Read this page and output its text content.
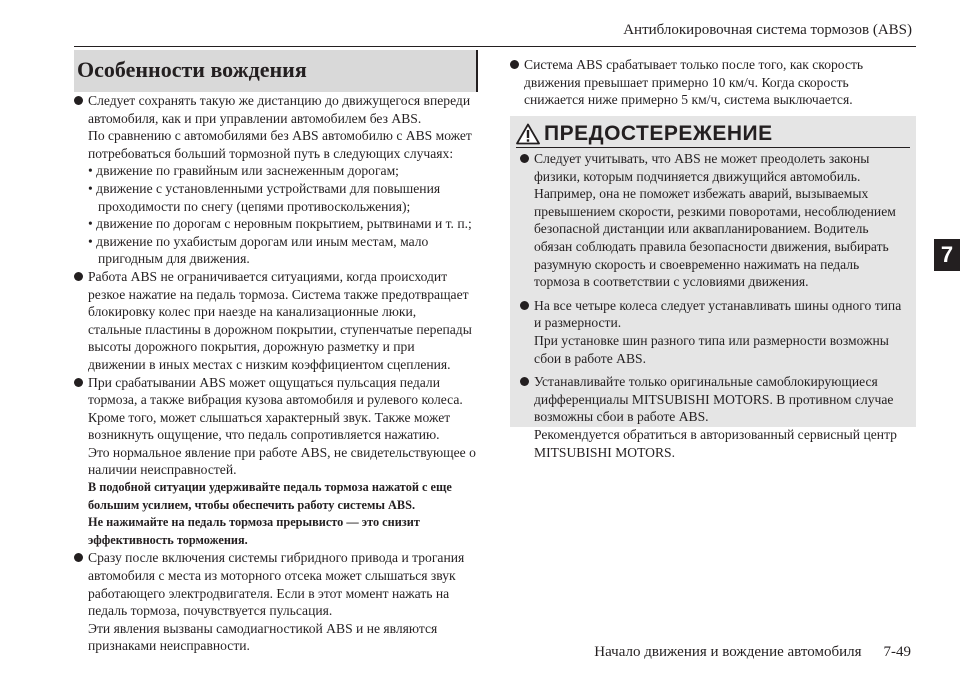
Антиблокировочная система тормозов (ABS)
7
Особенности вождения
Следует сохранять такую же дистанцию до движущегося впереди
автомобиля, как и при управлении автомобилем без ABS.
По сравнению с автомобилями без ABS автомобилю с ABS может
потребоваться больший тормозной путь в следующих случаях:
• движение по гравийным или заснеженным дорогам;
• движение с установленными устройствами для повышения
проходимости по снегу (цепями противоскольжения);
• движение по дорогам с неровным покрытием, рытвинами и т. п.;
• движение по ухабистым дорогам или иным местам, мало
пригодным для движения.
Работа ABS не ограничивается ситуациями, когда происходит
резкое нажатие на педаль тормоза. Система также предотвращает
блокировку колес при наезде на канализационные люки,
стальные пластины в дорожном покрытии, ступенчатые перепады
высоты дорожного покрытия, дорожную разметку и при
движении в иных местах с низким коэффициентом сцепления.
При срабатывании ABS может ощущаться пульсация педали
тормоза, а также вибрация кузова автомобиля и рулевого колеса.
Кроме того, может слышаться характерный звук. Также может
возникнуть ощущение, что педаль сопротивляется нажатию.
Это нормальное явление при работе ABS, не свидетельствующее о
наличии неисправностей.
В подобной ситуации удерживайте педаль тормоза нажатой с еще
большим усилием, чтобы обеспечить работу системы ABS.
Не нажимайте на педаль тормоза прерывисто — это снизит
эффективность торможения.
Сразу после включения системы гибридного привода и трогания
автомобиля с места из моторного отсека может слышаться звук
работающего электродвигателя. Если в этот момент нажать на
педаль тормоза, почувствуется пульсация.
Эти явления вызваны самодиагностикой ABS и не являются
признаками неисправности.
Система ABS срабатывает только после того, как скорость
движения превышает примерно 10 км/ч. Когда скорость
снижается ниже примерно 5 км/ч, система выключается.
ПРЕДОСТЕРЕЖЕНИЕ
Следует учитывать, что ABS не может преодолеть законы
физики, которым подчиняется движущийся автомобиль.
Например, она не поможет избежать аварий, вызываемых
превышением скорости, резкими поворотами, несоблюдением
безопасной дистанции или аквапланированием. Водитель
обязан соблюдать правила безопасности движения, выбирать
разумную скорость и своевременно нажимать на педаль
тормоза в соответствии с условиями движения.
На все четыре колеса следует устанавливать шины одного типа
и размерности.
При установке шин разного типа или размерности возможны
сбои в работе ABS.
Устанавливайте только оригинальные самоблокирующиеся
дифференциалы MITSUBISHI MOTORS. В противном случае
возможны сбои в работе ABS.
Рекомендуется обратиться в авторизованный сервисный центр
MITSUBISHI MOTORS.
Начало движения и вождение автомобиля 7-49
